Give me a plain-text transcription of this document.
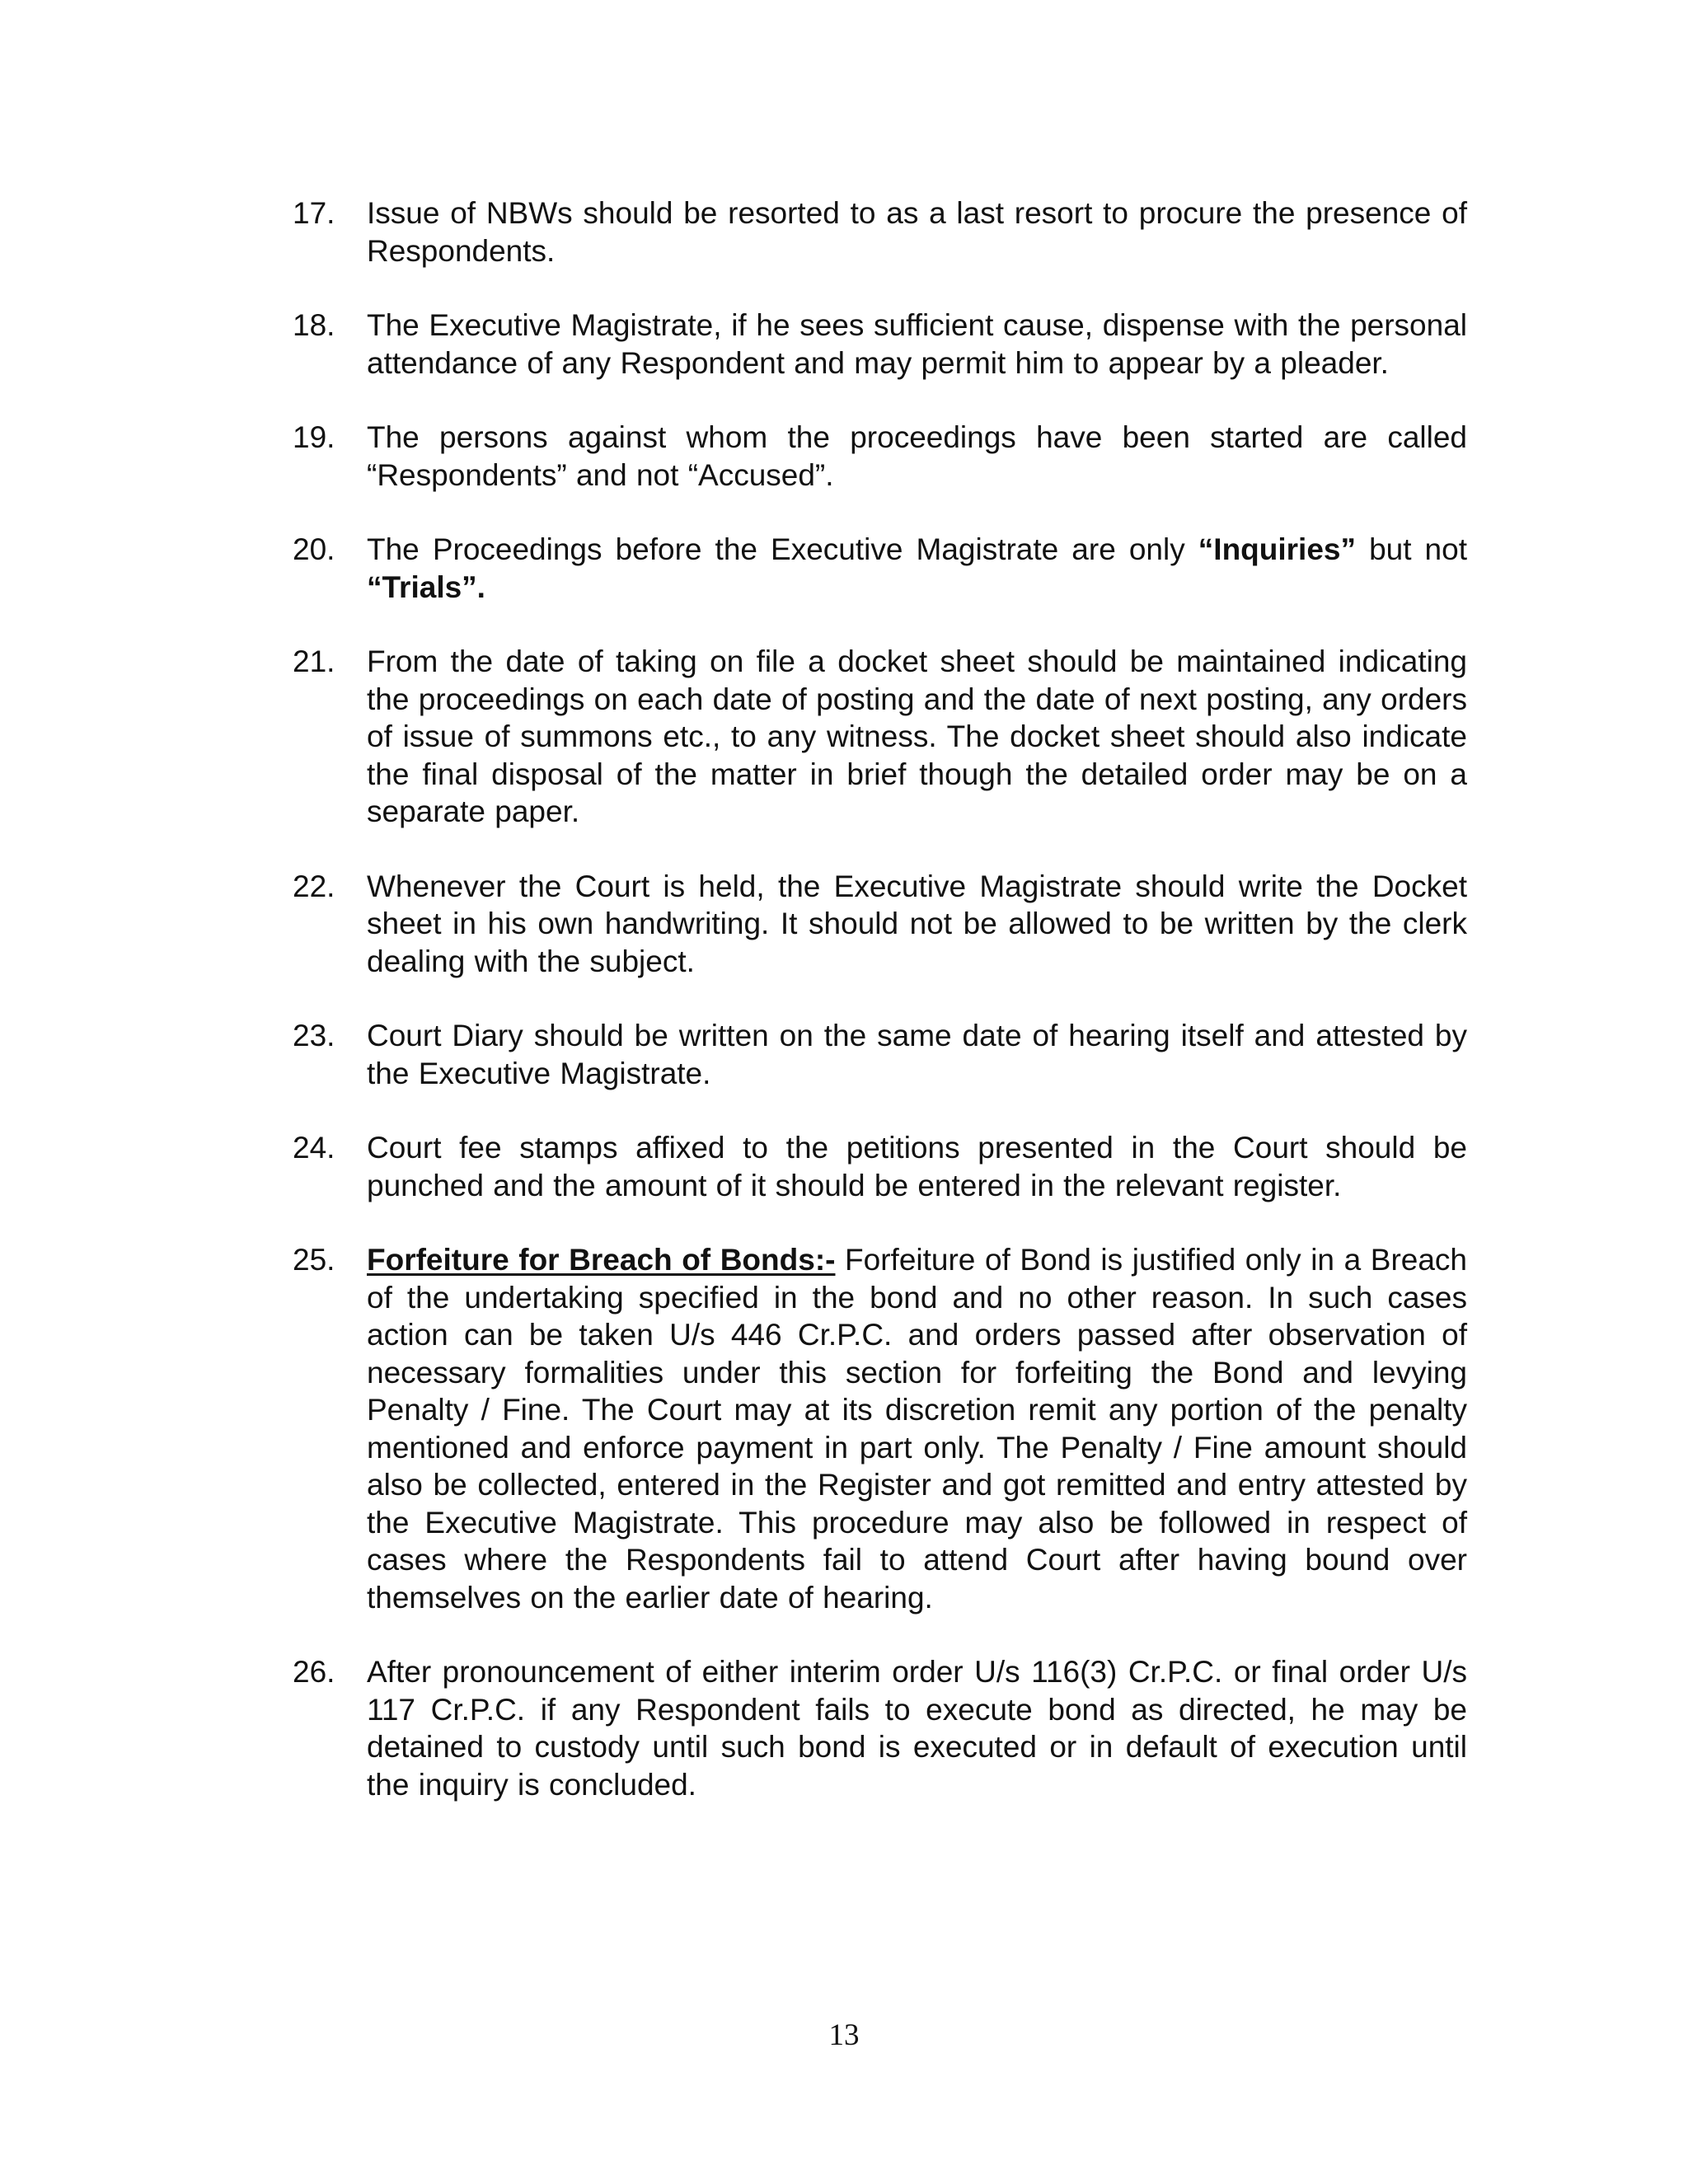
17.	Issue of NBWs should be resorted to as a last resort to procure the presence of Respondents.
18.	The Executive Magistrate, if he sees sufficient cause, dispense with the personal attendance of any Respondent and may permit him to appear by a pleader.
19.	The persons against whom the proceedings have been started are called “Respondents” and not “Accused”.
20.	The Proceedings before the Executive Magistrate are only “Inquiries” but not “Trials”.
21.	From the date of taking on file a docket sheet should be maintained indicating the proceedings on each date of posting and the date of next posting, any orders of issue of summons etc., to any witness. The docket sheet should also indicate the final disposal of the matter in brief though the detailed order may be on a separate paper.
22.	Whenever the Court is held, the Executive Magistrate should write the Docket sheet in his own handwriting. It should not be allowed to be written by the clerk dealing with the subject.
23.	Court Diary should be written on the same date of hearing itself and attested by the Executive Magistrate.
24.	Court fee stamps affixed to the petitions presented in the Court should be punched and the amount of it should be entered in the relevant register.
25.	Forfeiture for Breach of Bonds:- Forfeiture of Bond is justified only in a Breach of the undertaking specified in the bond and no other reason. In such cases action can be taken U/s 446 Cr.P.C. and orders passed after observation of necessary formalities under this section for forfeiting the Bond and levying Penalty / Fine. The Court may at its discretion remit any portion of the penalty mentioned and enforce payment in part only. The Penalty / Fine amount should also be collected, entered in the Register and got remitted and entry attested by the Executive Magistrate. This procedure may also be followed in respect of cases where the Respondents fail to attend Court after having bound over themselves on the earlier date of hearing.
26.	After pronouncement of either interim order U/s 116(3) Cr.P.C. or final order U/s 117 Cr.P.C. if any Respondent fails to execute bond as directed, he may be detained to custody until such bond is executed or in default of execution until the inquiry is concluded.
13
